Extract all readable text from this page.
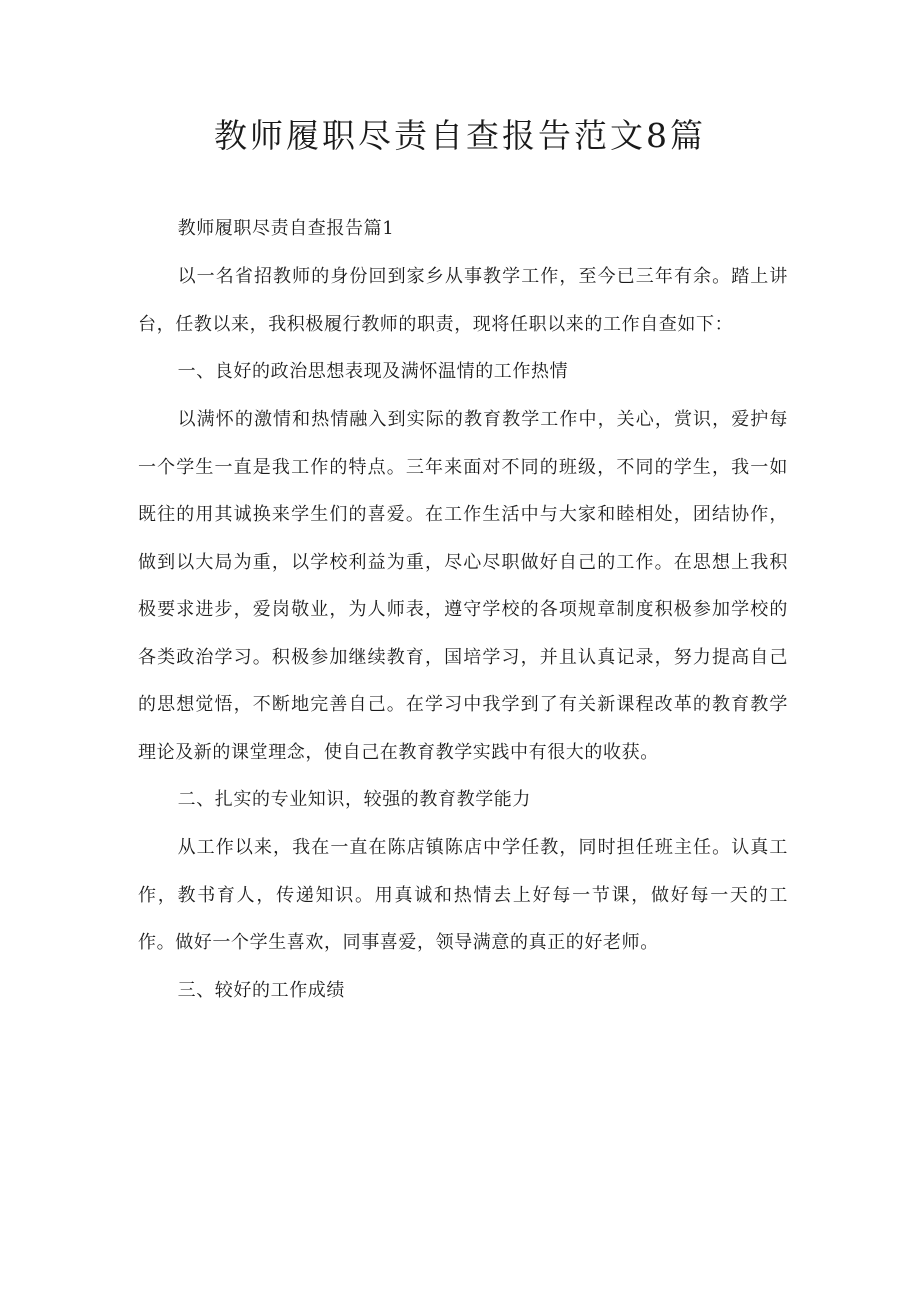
教师履职尽责自查报告范文8篇

教师履职尽责自查报告篇1

以一名省招教师的身份回到家乡从事教学工作，至今已三年有余。踏上讲台，任教以来，我积极履行教师的职责，现将任职以来的工作自查如下：

一、良好的政治思想表现及满怀温情的工作热情

以满怀的激情和热情融入到实际的教育教学工作中，关心，赏识，爱护每一个学生一直是我工作的特点。三年来面对不同的班级，不同的学生，我一如既往的用其诚换来学生们的喜爱。在工作生活中与大家和睦相处，团结协作，做到以大局为重，以学校利益为重，尽心尽职做好自己的工作。在思想上我积极要求进步，爱岗敬业，为人师表，遵守学校的各项规章制度积极参加学校的各类政治学习。积极参加继续教育，国培学习，并且认真记录，努力提高自己的思想觉悟，不断地完善自己。在学习中我学到了有关新课程改革的教育教学理论及新的课堂理念，使自己在教育教学实践中有很大的收获。

二、扎实的专业知识，较强的教育教学能力

从工作以来，我在一直在陈店镇陈店中学任教，同时担任班主任。认真工作，教书育人，传递知识。用真诚和热情去上好每一节课，做好每一天的工作。做好一个学生喜欢，同事喜爱，领导满意的真正的好老师。

三、较好的工作成绩
